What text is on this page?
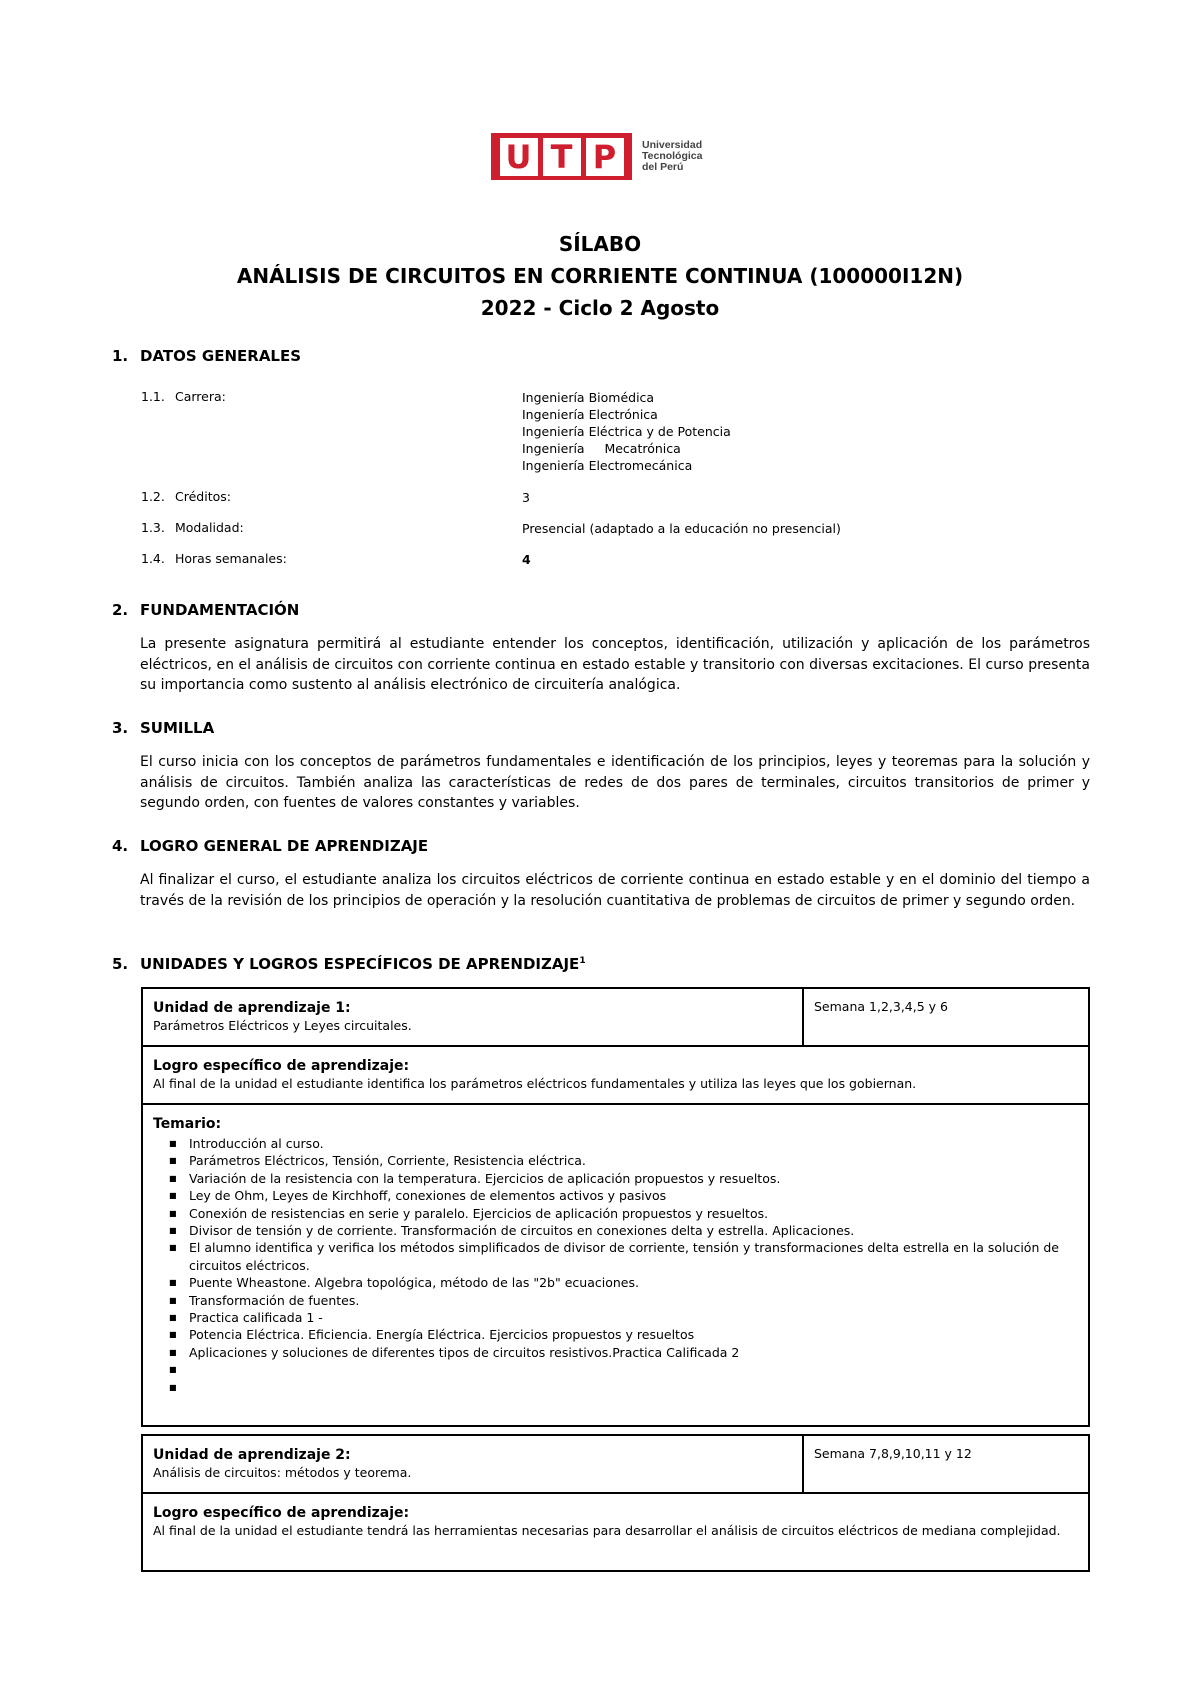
U T P	Universidad
Tecnológica
del Perú
SÍLABO
ANÁLISIS DE CIRCUITOS EN CORRIENTE CONTINUA (100000I12N)
2022 - Ciclo 2 Agosto
1. DATOS GENERALES
1.1. Carrera:	Ingeniería Biomédica
Ingeniería Electrónica
Ingeniería Eléctrica y de Potencia
Ingeniería     Mecatrónica
Ingeniería Electromecánica
1.2. Créditos:	3
1.3. Modalidad:	Presencial (adaptado a la educación no presencial)
1.4. Horas semanales:	4
2. FUNDAMENTACIÓN
La presente asignatura permitirá al estudiante entender los conceptos, identificación, utilización y aplicación de los parámetros eléctricos, en el análisis de circuitos con corriente continua en estado estable y transitorio con diversas excitaciones. El curso presenta su importancia como sustento al análisis electrónico de circuitería analógica.
3. SUMILLA
El curso inicia con los conceptos de parámetros fundamentales e identificación de los principios, leyes y teoremas para la solución y análisis de circuitos. También analiza las características de redes de dos pares de terminales, circuitos transitorios de primer y segundo orden, con fuentes de valores constantes y variables.
4. LOGRO GENERAL DE APRENDIZAJE
Al finalizar el curso, el estudiante analiza los circuitos eléctricos de corriente continua en estado estable y en el dominio del tiempo a través de la revisión de los principios de operación y la resolución cuantitativa de problemas de circuitos de primer y segundo orden.
5. UNIDADES Y LOGROS ESPECÍFICOS DE APRENDIZAJE$^1$
Unidad de aprendizaje 1:
Parámetros Eléctricos y Leyes circuitales.
Semana 1,2,3,4,5 y 6
Logro específico de aprendizaje:
Al final de la unidad el estudiante identifica los parámetros eléctricos fundamentales y utiliza las leyes que los gobiernan.
Temario:
■ Introducción al curso.
■ Parámetros Eléctricos, Tensión, Corriente, Resistencia eléctrica.
■ Variación de la resistencia con la temperatura. Ejercicios de aplicación propuestos y resueltos.
■ Ley de Ohm, Leyes de Kirchhoff, conexiones de elementos activos y pasivos
■ Conexión de resistencias en serie y paralelo. Ejercicios de aplicación propuestos y resueltos.
■ Divisor de tensión y de corriente. Transformación de circuitos en conexiones delta y estrella. Aplicaciones.
■ El alumno identifica y verifica los métodos simplificados de divisor de corriente, tensión y transformaciones delta estrella en la solución de circuitos eléctricos.
■ Puente Wheastone. Algebra topológica, método de las "2b" ecuaciones.
■ Transformación de fuentes.
■ Practica calificada 1 -
■ Potencia Eléctrica. Eficiencia. Energía Eléctrica. Ejercicios propuestos y resueltos
■ Aplicaciones y soluciones de diferentes tipos de circuitos resistivos.Practica Calificada 2
■
■
Unidad de aprendizaje 2:
Análisis de circuitos: métodos y teorema.
Semana 7,8,9,10,11 y 12
Logro específico de aprendizaje:
Al final de la unidad el estudiante tendrá las herramientas necesarias para desarrollar el análisis de circuitos eléctricos de mediana complejidad.
